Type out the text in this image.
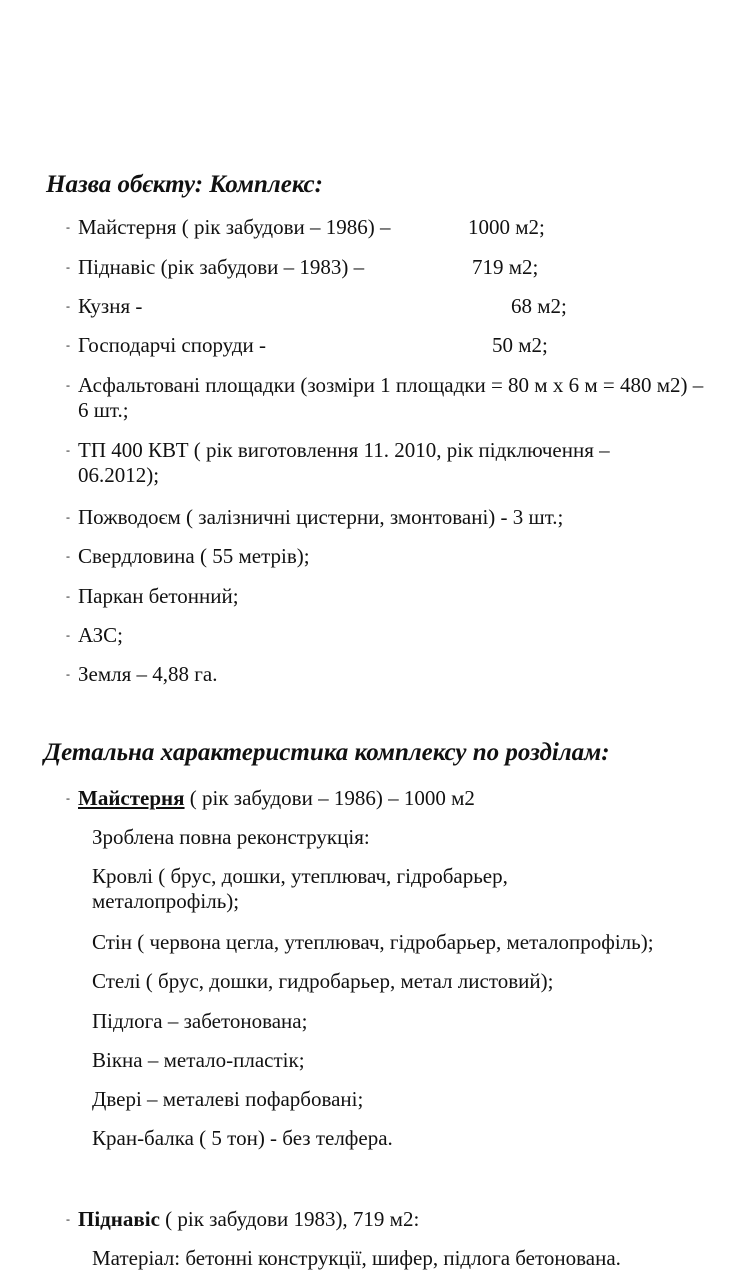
Назва обєкту: Комплекс:
- Майстерня ( рік забудови – 1986) –	1000 м2;
- Піднавіс (рік забудови – 1983) –	719 м2;
- Кузня -	68 м2;
- Господарчі споруди -	50 м2;
- Асфальтовані площадки (зозміри 1 площадки = 80 м х 6 м = 480 м2) – 6 шт.;
- ТП 400 КВТ ( рік виготовлення 11. 2010, рік підключення – 06.2012);
- Пожводоєм ( залізничні цистерни, змонтовані) - 3 шт.;
- Свердловина ( 55 метрів);
- Паркан бетонний;
- АЗС;
- Земля – 4,88 га.
Детальна характеристика комплексу по розділам:
- Майстерня ( рік забудови – 1986) – 1000 м2
Зроблена повна реконструкція:
Кровлі ( брус, дошки, утеплювач, гідробарьер, металопрофіль);
Стін ( червона цегла, утеплювач, гідробарьер, металопрофіль);
Стелі ( брус, дошки, гидробарьер, метал листовий);
Підлога – забетонована;
Вікна – метало-пластік;
Двері – металеві пофарбовані;
Кран-балка ( 5 тон) - без телфера.
- Піднавіс ( рік забудови 1983), 719 м2:
Матеріал: бетонні конструкції, шифер, підлога бетонована.
